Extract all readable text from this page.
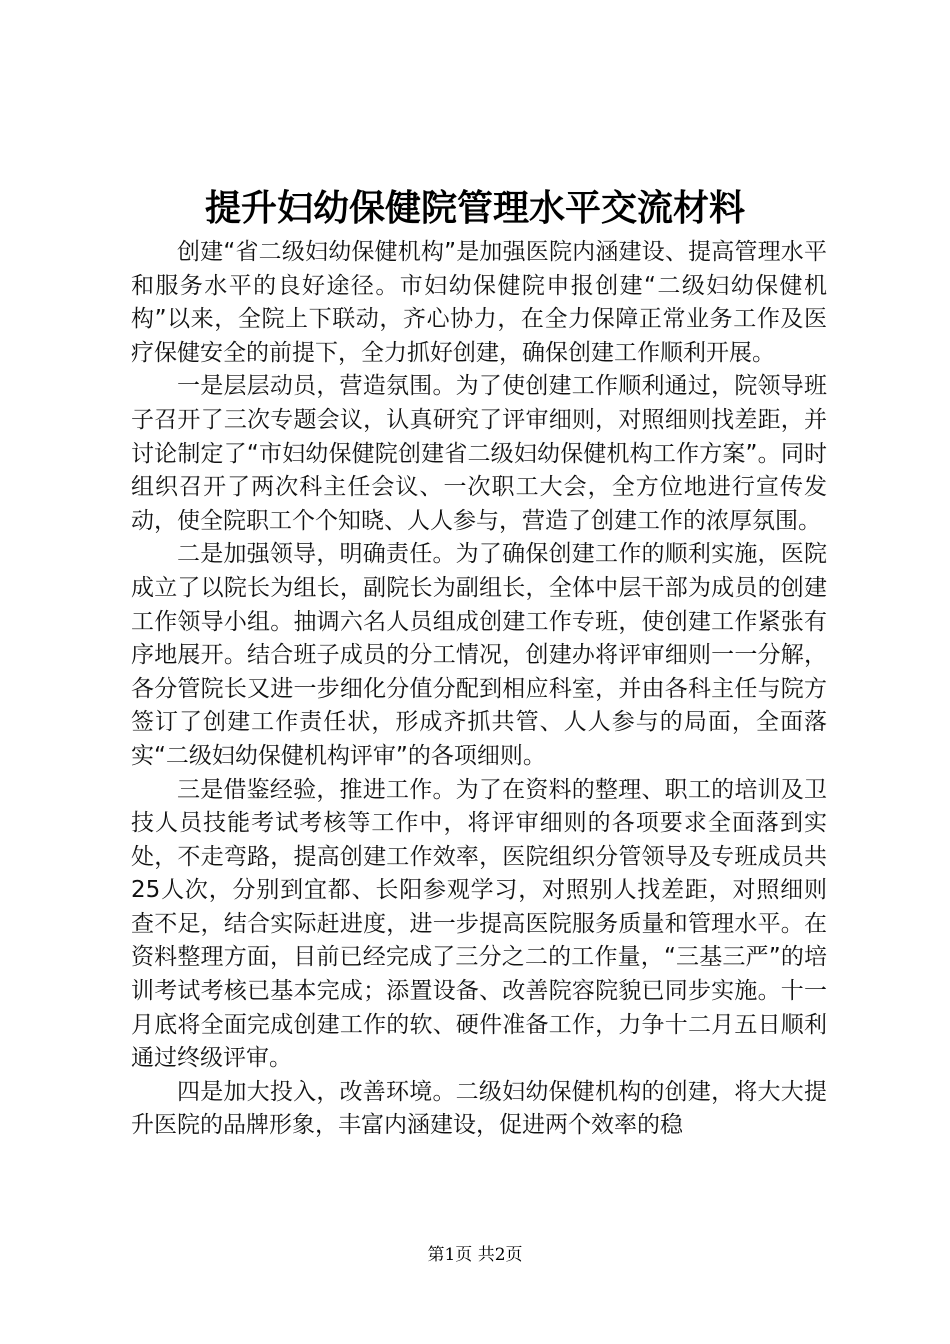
提升妇幼保健院管理水平交流材料

创建“省二级妇幼保健机构”是加强医院内涵建设、提高管理水平和服务水平的良好途径。市妇幼保健院申报创建“二级妇幼保健机构”以来，全院上下联动，齐心协力，在全力保障正常业务工作及医疗保健安全的前提下，全力抓好创建，确保创建工作顺利开展。

一是层层动员，营造氛围。为了使创建工作顺利通过，院领导班子召开了三次专题会议，认真研究了评审细则，对照细则找差距，并讨论制定了“市妇幼保健院创建省二级妇幼保健机构工作方案”。同时组织召开了两次科主任会议、一次职工大会，全方位地进行宣传发动，使全院职工个个知晓、人人参与，营造了创建工作的浓厚氛围。

二是加强领导，明确责任。为了确保创建工作的顺利实施，医院成立了以院长为组长，副院长为副组长，全体中层干部为成员的创建工作领导小组。抽调六名人员组成创建工作专班，使创建工作紧张有序地展开。结合班子成员的分工情况，创建办将评审细则一一分解，各分管院长又进一步细化分值分配到相应科室，并由各科主任与院方签订了创建工作责任状，形成齐抓共管、人人参与的局面，全面落实“二级妇幼保健机构评审”的各项细则。

三是借鉴经验，推进工作。为了在资料的整理、职工的培训及卫技人员技能考试考核等工作中，将评审细则的各项要求全面落到实处，不走弯路，提高创建工作效率，医院组织分管领导及专班成员共25人次，分别到宜都、长阳参观学习，对照别人找差距，对照细则查不足，结合实际赶进度，进一步提高医院服务质量和管理水平。在资料整理方面，目前已经完成了三分之二的工作量，“三基三严”的培训考试考核已基本完成；添置设备、改善院容院貌已同步实施。十一月底将全面完成创建工作的软、硬件准备工作，力争十二月五日顺利通过终级评审。

四是加大投入，改善环境。二级妇幼保健机构的创建，将大大提升医院的品牌形象，丰富内涵建设，促进两个效率的稳

第1页 共2页
